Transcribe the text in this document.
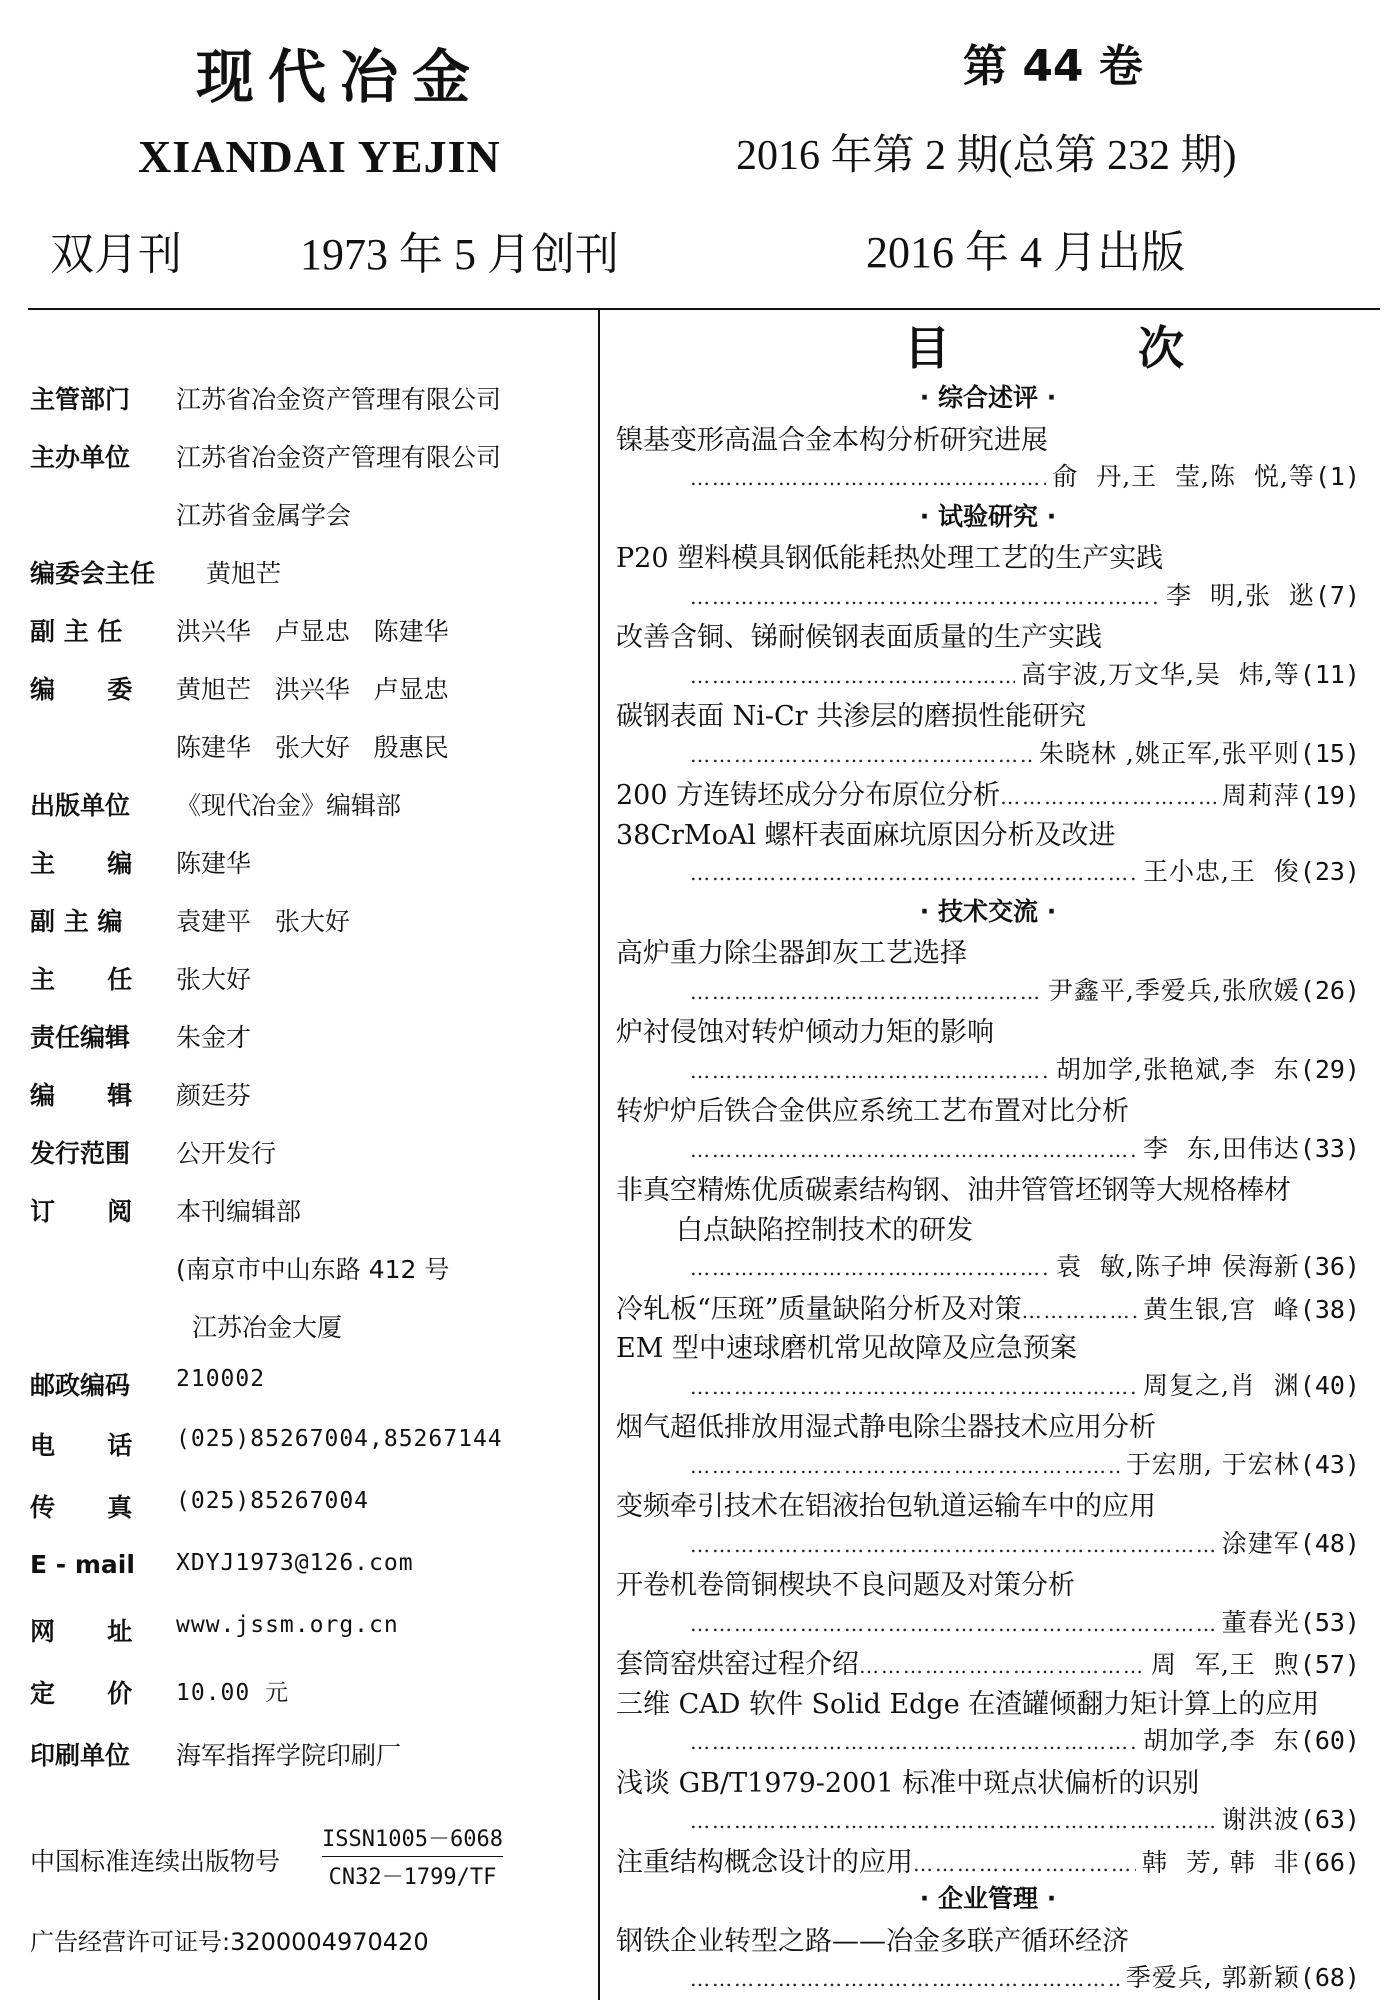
现代冶金
XIANDAI YEJIN
双月刊	1973 年 5 月创刊
第 44 卷
2016 年第 2 期(总第 232 期)
2016 年 4 月出版
主管部门 江苏省冶金资产管理有限公司
主办单位 江苏省冶金资产管理有限公司
江苏省金属学会
编委会主任 黄旭芒
副 主 任 洪兴华   卢显忠   陈建华
编      委 黄旭芒   洪兴华   卢显忠
陈建华   张大好   殷惠民
出版单位 《现代冶金》编辑部
主      编 陈建华
副 主 编 袁建平   张大好
主      任 张大好
责任编辑 朱金才
编      辑 颜廷芬
发行范围 公开发行
订      阅 本刊编辑部
(南京市中山东路 412 号
江苏冶金大厦
邮政编码 210002
电      话 (025)85267004,85267144
传      真 (025)85267004
E - mail XDYJ1973@126.com
网      址 www.jssm.org.cn
定      价 10.00 元
印刷单位 海军指挥学院印刷厂
中国标准连续出版物号
ISSN1005－6068
CN32－1799/TF
广告经营许可证号:3200004970420
目 次
· 综合述评 ·
镍基变形高温合金本构分析研究进展
…………………………………………………………………………………………………………………………………………
俞  丹,王  莹,陈  悦,等 (1)
· 试验研究 ·
P20 塑料模具钢低能耗热处理工艺的生产实践
…………………………………………………………………………………………………………………………………………
李  明,张  逖 (7)
改善含铜、锑耐候钢表面质量的生产实践
…………………………………………………………………………………………………………………………………………
高宇波,万文华,吴  炜,等 (11)
碳钢表面 Ni-Cr 共渗层的磨损性能研究
…………………………………………………………………………………………………………………………………………
朱晓林 ,姚正军,张平则 (15)
200 方连铸坯成分分布原位分析 …………………………………………………………………………………………………………………………………………	周莉萍 (19)
38CrMoAl 螺杆表面麻坑原因分析及改进
…………………………………………………………………………………………………………………………………………
王小忠,王  俊 (23)
· 技术交流 ·
高炉重力除尘器卸灰工艺选择
…………………………………………………………………………………………………………………………………………
尹鑫平,季爱兵,张欣媛 (26)
炉衬侵蚀对转炉倾动力矩的影响
…………………………………………………………………………………………………………………………………………
胡加学,张艳斌,李  东 (29)
转炉炉后铁合金供应系统工艺布置对比分析
…………………………………………………………………………………………………………………………………………
李  东,田伟达 (33)
非真空精炼优质碳素结构钢、油井管管坯钢等大规格棒材
白点缺陷控制技术的研发
…………………………………………………………………………………………………………………………………………
袁  敏,陈子坤 侯海新 (36)
冷轧板“压斑”质量缺陷分析及对策 …………………………………………………………………………………………………………………………………………	黄生银,宫  峰 (38)
EM 型中速球磨机常见故障及应急预案
…………………………………………………………………………………………………………………………………………
周复之,肖  渊 (40)
烟气超低排放用湿式静电除尘器技术应用分析
…………………………………………………………………………………………………………………………………………
于宏朋, 于宏林 (43)
变频牵引技术在铝液抬包轨道运输车中的应用
…………………………………………………………………………………………………………………………………………
涂建军 (48)
开卷机卷筒铜楔块不良问题及对策分析
…………………………………………………………………………………………………………………………………………
董春光 (53)
套筒窑烘窑过程介绍 …………………………………………………………………………………………………………………………………………	周  军,王  煦 (57)
三维 CAD 软件 Solid Edge 在渣罐倾翻力矩计算上的应用
…………………………………………………………………………………………………………………………………………
胡加学,李  东 (60)
浅谈 GB/T1979-2001 标准中斑点状偏析的识别
…………………………………………………………………………………………………………………………………………
谢洪波 (63)
注重结构概念设计的应用 …………………………………………………………………………………………………………………………………………	韩  芳, 韩  非 (66)
· 企业管理 ·
钢铁企业转型之路——冶金多联产循环经济
…………………………………………………………………………………………………………………………………………
季爱兵, 郭新颖 (68)
